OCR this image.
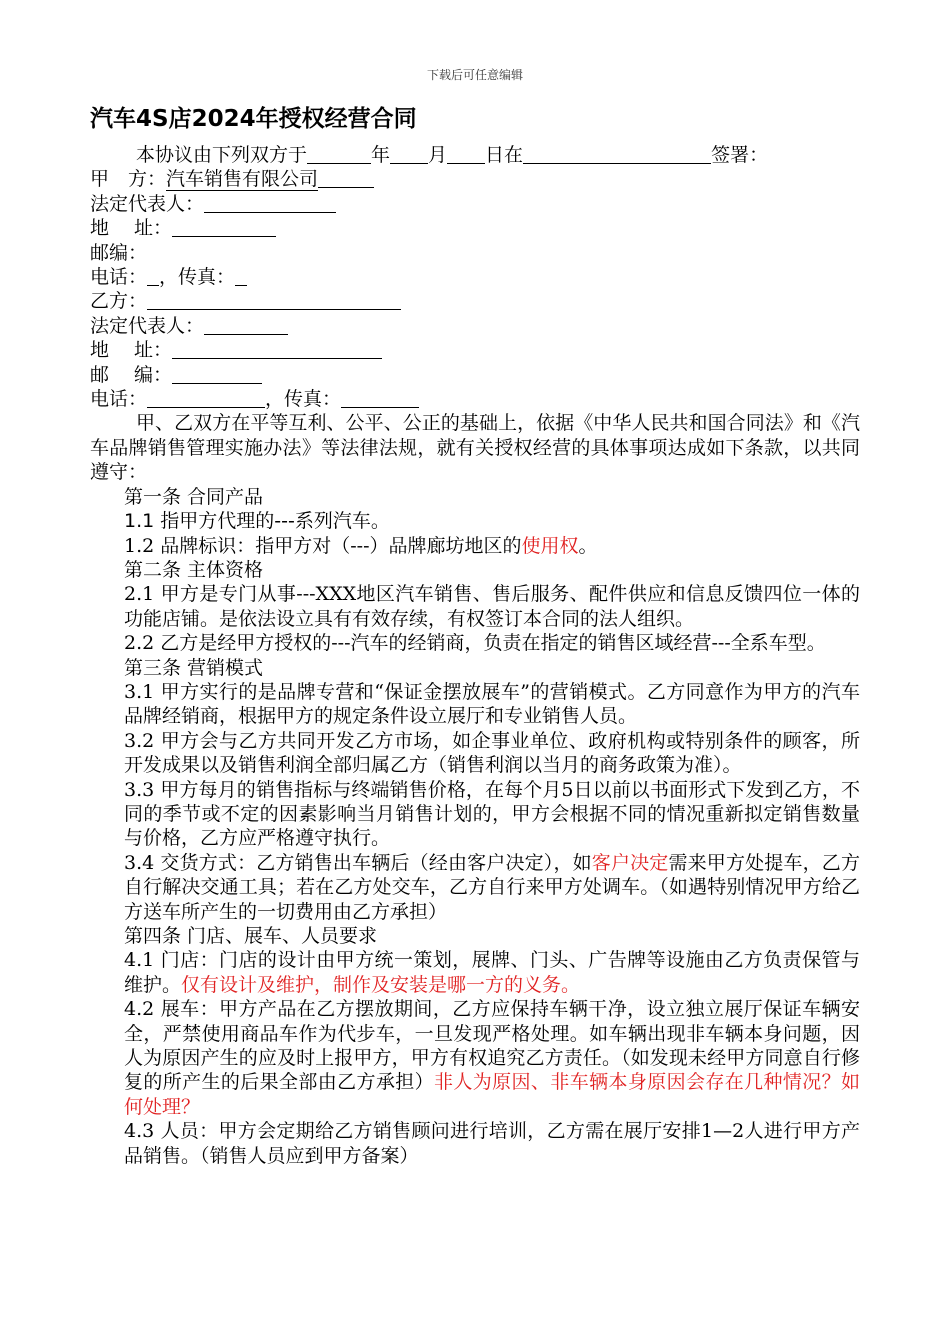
下载后可任意编辑
汽车4S店2024年授权经营合同

本协议由下列双方于	年 月 日在	签署：

甲　方：汽车销售有限公司

法定代表人：

地　 址：

邮编：

电话： ，传真：

乙方：

法定代表人：

地　 址：

邮　 编：

电话：	，传真：

甲、乙双方在平等互利、公平、公正的基础上，依据《中华人民共和国合同法》和《汽车品牌销售管理实施办法》等法律法规，就有关授权经营的具体事项达成如下条款，以共同遵守：

第一条 合同产品

1.1 指甲方代理的---系列汽车。

1.2 品牌标识：指甲方对（---）品牌廊坊地区的使用权。

第二条 主体资格

2.1 甲方是专门从事---XXX地区汽车销售、售后服务、配件供应和信息反馈四位一体的功能店铺。是依法设立具有有效存续，有权签订本合同的法人组织。

2.2 乙方是经甲方授权的---汽车的经销商，负责在指定的销售区域经营---全系车型。

第三条 营销模式

3.1 甲方实行的是品牌专营和“保证金摆放展车”的营销模式。乙方同意作为甲方的汽车品牌经销商，根据甲方的规定条件设立展厅和专业销售人员。

3.2 甲方会与乙方共同开发乙方市场，如企事业单位、政府机构或特别条件的顾客，所开发成果以及销售利润全部归属乙方（销售利润以当月的商务政策为准）。

3.3 甲方每月的销售指标与终端销售价格，在每个月5日以前以书面形式下发到乙方，不同的季节或不定的因素影响当月销售计划的，甲方会根据不同的情况重新拟定销售数量与价格，乙方应严格遵守执行。

3.4 交货方式：乙方销售出车辆后（经由客户决定），如客户决定需来甲方处提车，乙方自行解决交通工具；若在乙方处交车，乙方自行来甲方处调车。（如遇特别情况甲方给乙方送车所产生的一切费用由乙方承担）

第四条 门店、展车、人员要求

4.1 门店：门店的设计由甲方统一策划，展牌、门头、广告牌等设施由乙方负责保管与维护。仅有设计及维护，制作及安装是哪一方的义务。

4.2 展车：甲方产品在乙方摆放期间，乙方应保持车辆干净，设立独立展厅保证车辆安全，严禁使用商品车作为代步车，一旦发现严格处理。如车辆出现非车辆本身问题，因人为原因产生的应及时上报甲方，甲方有权追究乙方责任。（如发现未经甲方同意自行修复的所产生的后果全部由乙方承担）非人为原因、非车辆本身原因会存在几种情况？如何处理？

4.3 人员：甲方会定期给乙方销售顾问进行培训，乙方需在展厅安排1—2人进行甲方产品销售。（销售人员应到甲方备案）
